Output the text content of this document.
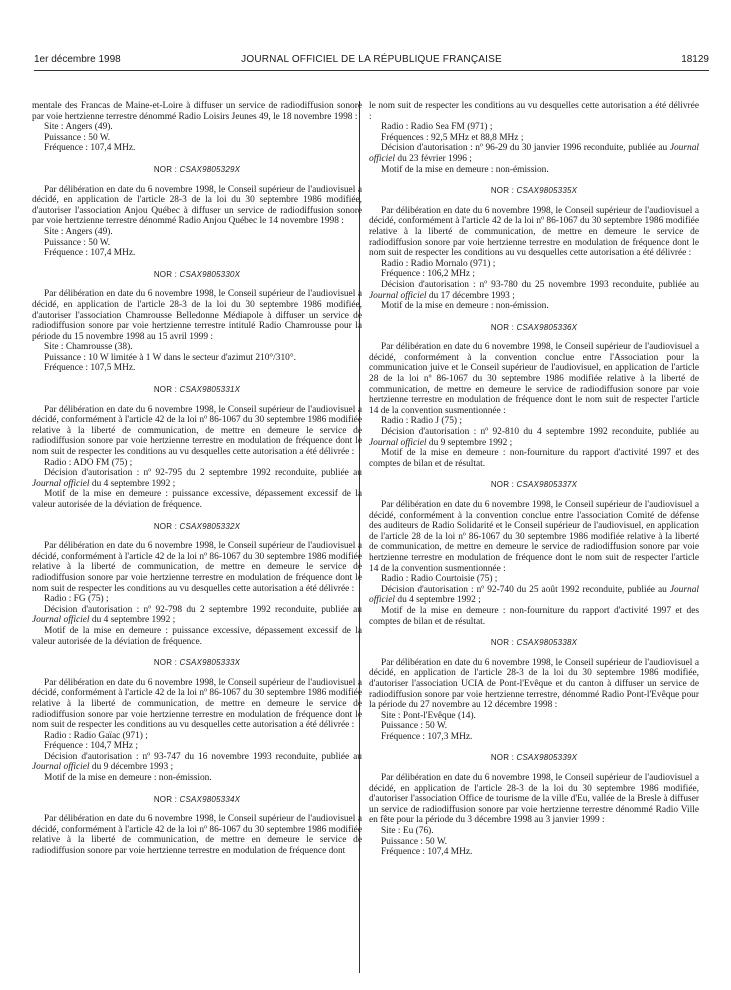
1er décembre 1998	JOURNAL OFFICIEL DE LA RÉPUBLIQUE FRANÇAISE	18129

mentale des Francas de Maine-et-Loire à diffuser un service de radiodiffusion sonore par voie hertzienne terrestre dénommé Radio Loisirs Jeunes 49, le 18 novembre 1998 :

Site : Angers (49).

Puissance : 50 W.

Fréquence : 107,4 MHz.

NOR : CSAX9805329X

Par délibération en date du 6 novembre 1998, le Conseil supérieur de l'audiovisuel a décidé, en application de l'article 28-3 de la loi du 30 septembre 1986 modifiée, d'autoriser l'association Anjou Québec à diffuser un service de radiodiffusion sonore par voie hertzienne terrestre dénommé Radio Anjou Québec le 14 novembre 1998 :

Site : Angers (49).

Puissance : 50 W.

Fréquence : 107,4 MHz.

NOR : CSAX9805330X

Par délibération en date du 6 novembre 1998, le Conseil supérieur de l'audiovisuel a décidé, en application de l'article 28-3 de la loi du 30 septembre 1986 modifiée, d'autoriser l'association Chamrousse Belledonne Médiapole à diffuser un service de radiodiffusion sonore par voie hertzienne terrestre intitulé Radio Chamrousse pour la période du 15 novembre 1998 au 15 avril 1999 :

Site : Chamrousse (38).

Puissance : 10 W limitée à 1 W dans le secteur d'azimut 210°/310°.

Fréquence : 107,5 MHz.

NOR : CSAX9805331X

Par délibération en date du 6 novembre 1998, le Conseil supérieur de l'audiovisuel a décidé, conformément à l'article 42 de la loi nº 86-1067 du 30 septembre 1986 modifiée relative à la liberté de communication, de mettre en demeure le service de radiodiffusion sonore par voie hertzienne terrestre en modulation de fréquence dont le nom suit de respecter les conditions au vu desquelles cette autorisation a été délivrée :

Radio : ADO FM (75) ;

Décision d'autorisation : nº 92-795 du 2 septembre 1992 reconduite, publiée au Journal officiel du 4 septembre 1992 ;

Motif de la mise en demeure : puissance excessive, dépassement excessif de la valeur autorisée de la déviation de fréquence.

NOR : CSAX9805332X

Par délibération en date du 6 novembre 1998, le Conseil supérieur de l'audiovisuel a décidé, conformément à l'article 42 de la loi nº 86-1067 du 30 septembre 1986 modifiée relative à la liberté de communication, de mettre en demeure le service de radiodiffusion sonore par voie hertzienne terrestre en modulation de fréquence dont le nom suit de respecter les conditions au vu desquelles cette autorisation a été délivrée :

Radio : FG (75) ;

Décision d'autorisation : nº 92-798 du 2 septembre 1992 reconduite, publiée au Journal officiel du 4 septembre 1992 ;

Motif de la mise en demeure : puissance excessive, dépassement excessif de la valeur autorisée de la déviation de fréquence.

NOR : CSAX9805333X

Par délibération en date du 6 novembre 1998, le Conseil supérieur de l'audiovisuel a décidé, conformément à l'article 42 de la loi nº 86-1067 du 30 septembre 1986 modifiée relative à la liberté de communication, de mettre en demeure le service de radiodiffusion sonore par voie hertzienne terrestre en modulation de fréquence dont le nom suit de respecter les conditions au vu desquelles cette autorisation a été délivrée :

Radio : Radio Gaïac (971) ;

Fréquence : 104,7 MHz ;

Décision d'autorisation : nº 93-747 du 16 novembre 1993 reconduite, publiée au Journal officiel du 9 décembre 1993 ;

Motif de la mise en demeure : non-émission.

NOR : CSAX9805334X

Par délibération en date du 6 novembre 1998, le Conseil supérieur de l'audiovisuel a décidé, conformément à l'article 42 de la loi nº 86-1067 du 30 septembre 1986 modifiée relative à la liberté de communication, de mettre en demeure le service de radiodiffusion sonore par voie hertzienne terrestre en modulation de fréquence dont

le nom suit de respecter les conditions au vu desquelles cette autorisation a été délivrée :

Radio : Radio Sea FM (971) ;

Fréquences : 92,5 MHz et 88,8 MHz ;

Décision d'autorisation : nº 96-29 du 30 janvier 1996 reconduite, publiée au Journal officiel du 23 février 1996 ;

Motif de la mise en demeure : non-émission.

NOR : CSAX9805335X

Par délibération en date du 6 novembre 1998, le Conseil supérieur de l'audiovisuel a décidé, conformément à l'article 42 de la loi nº 86-1067 du 30 septembre 1986 modifiée relative à la liberté de communication, de mettre en demeure le service de radiodiffusion sonore par voie hertzienne terrestre en modulation de fréquence dont le nom suit de respecter les conditions au vu desquelles cette autorisation a été délivrée :

Radio : Radio Mornalo (971) ;

Fréquence : 106,2 MHz ;

Décision d'autorisation : nº 93-780 du 25 novembre 1993 reconduite, publiée au Journal officiel du 17 décembre 1993 ;

Motif de la mise en demeure : non-émission.

NOR : CSAX9805336X

Par délibération en date du 6 novembre 1998, le Conseil supérieur de l'audiovisuel a décidé, conformément à la convention conclue entre l'Association pour la communication juive et le Conseil supérieur de l'audiovisuel, en application de l'article 28 de la loi nº 86-1067 du 30 septembre 1986 modifiée relative à la liberté de communication, de mettre en demeure le service de radiodiffusion sonore par voie hertzienne terrestre en modulation de fréquence dont le nom suit de respecter l'article 14 de la convention susmentionnée :

Radio : Radio J (75) ;

Décision d'autorisation : nº 92-810 du 4 septembre 1992 reconduite, publiée au Journal officiel du 9 septembre 1992 ;

Motif de la mise en demeure : non-fourniture du rapport d'activité 1997 et des comptes de bilan et de résultat.

NOR : CSAX9805337X

Par délibération en date du 6 novembre 1998, le Conseil supérieur de l'audiovisuel a décidé, conformément à la convention conclue entre l'association Comité de défense des auditeurs de Radio Solidarité et le Conseil supérieur de l'audiovisuel, en application de l'article 28 de la loi nº 86-1067 du 30 septembre 1986 modifiée relative à la liberté de communication, de mettre en demeure le service de radiodiffusion sonore par voie hertzienne terrestre en modulation de fréquence dont le nom suit de respecter l'article 14 de la convention susmentionnée :

Radio : Radio Courtoisie (75) ;

Décision d'autorisation : nº 92-740 du 25 août 1992 reconduite, publiée au Journal officiel du 4 septembre 1992 ;

Motif de la mise en demeure : non-fourniture du rapport d'activité 1997 et des comptes de bilan et de résultat.

NOR : CSAX9805338X

Par délibération en date du 6 novembre 1998, le Conseil supérieur de l'audiovisuel a décidé, en application de l'article 28-3 de la loi du 30 septembre 1986 modifiée, d'autoriser l'association UCIA de Pont-l'Evêque et du canton à diffuser un service de radiodiffusion sonore par voie hertzienne terrestre, dénommé Radio Pont-l'Evêque pour la période du 27 novembre au 12 décembre 1998 :

Site : Pont-l'Evêque (14).

Puissance : 50 W.

Fréquence : 107,3 MHz.

NOR : CSAX9805339X

Par délibération en date du 6 novembre 1998, le Conseil supérieur de l'audiovisuel a décidé, en application de l'article 28-3 de la loi du 30 septembre 1986 modifiée, d'autoriser l'association Office de tourisme de la ville d'Eu, vallée de la Bresle à diffuser un service de radiodiffusion sonore par voie hertzienne terrestre dénommé Radio Ville en fête pour la période du 3 décembre 1998 au 3 janvier 1999 :

Site : Eu (76).

Puissance : 50 W.

Fréquence : 107,4 MHz.
